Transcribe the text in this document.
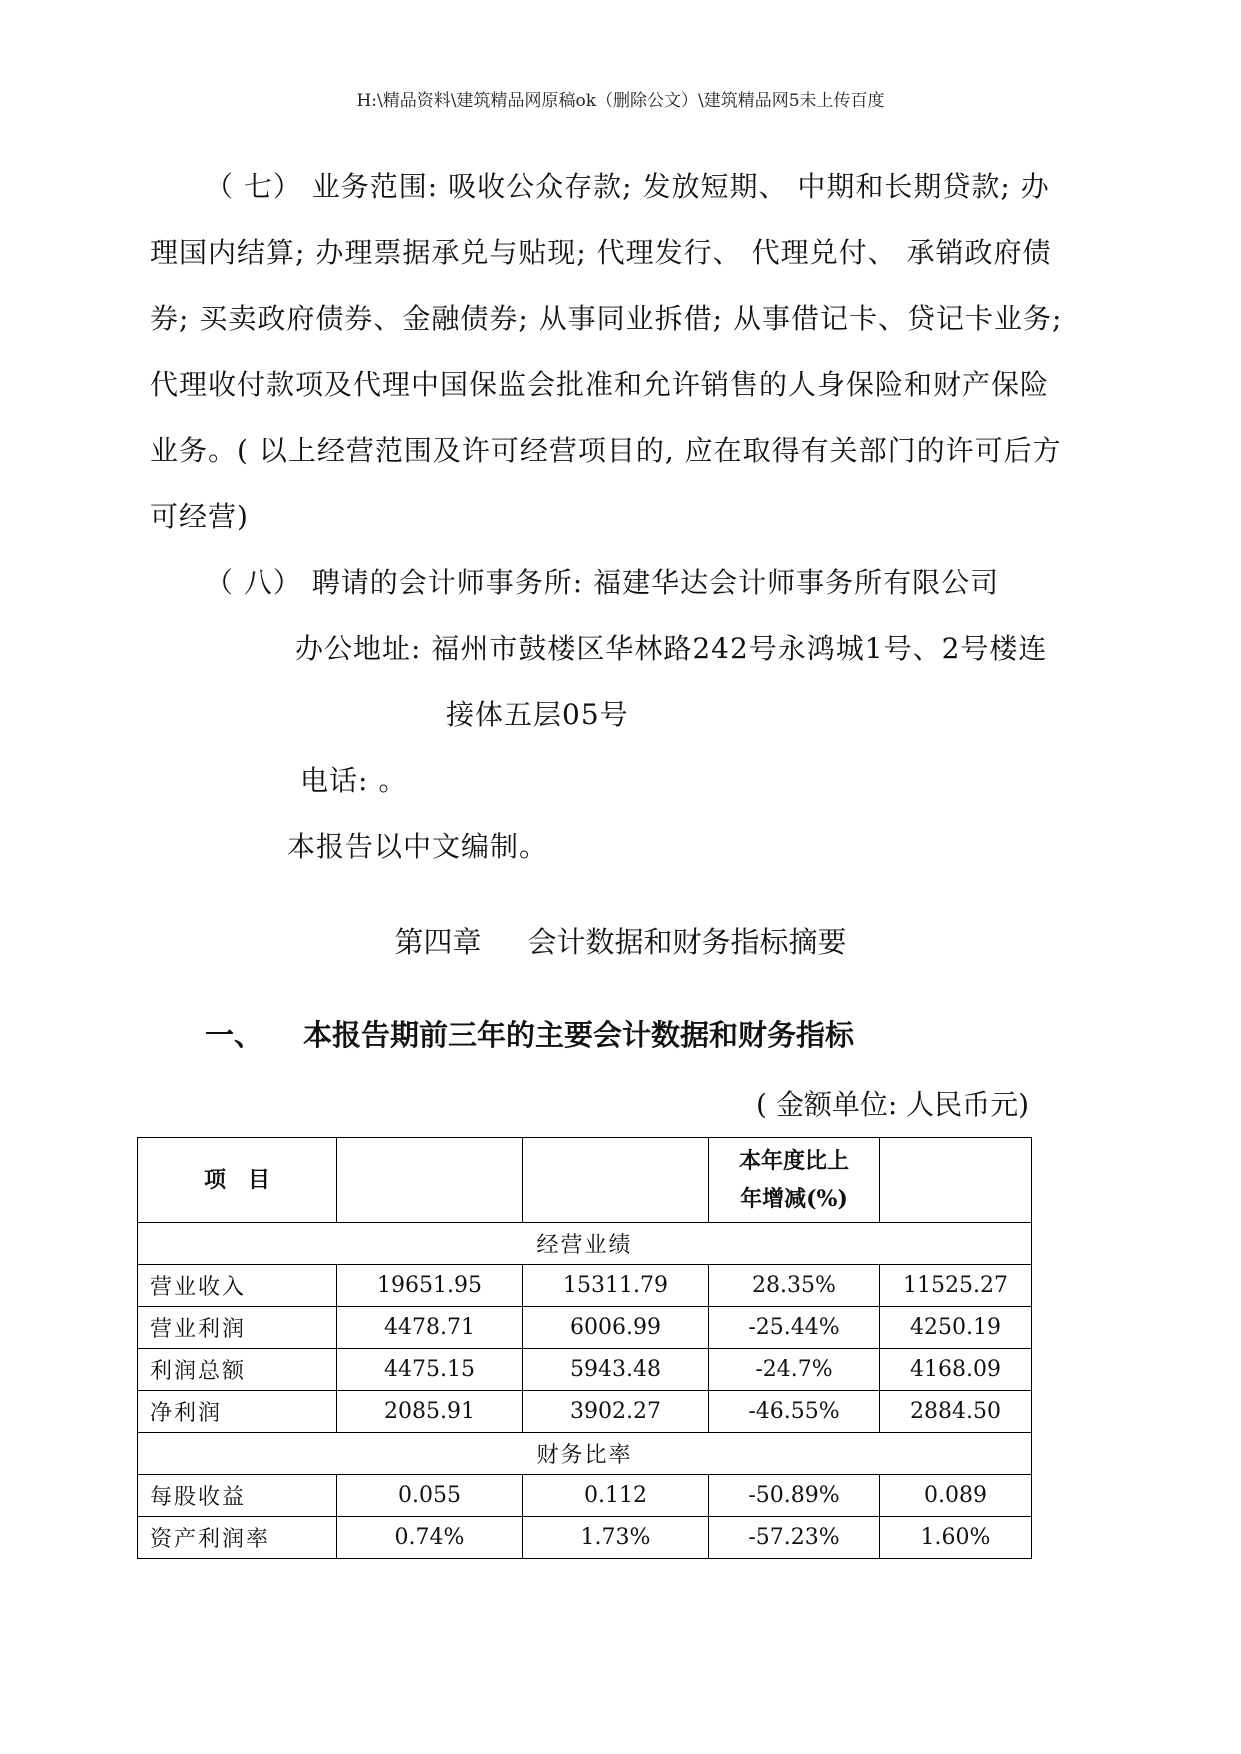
H:\精品资料\建筑精品网原稿ok（删除公文）\建筑精品网5未上传百度
（ 七） 业务范围: 吸收公众存款; 发放短期、 中期和长期贷款; 办
理国内结算; 办理票据承兑与贴现; 代理发行、 代理兑付、 承销政府债
券; 买卖政府债券、金融债券; 从事同业拆借; 从事借记卡、贷记卡业务;
代理收付款项及代理中国保监会批准和允许销售的人身保险和财产保险
业务。( 以上经营范围及许可经营项目的, 应在取得有关部门的许可后方
可经营)
（ 八） 聘请的会计师事务所: 福建华达会计师事务所有限公司
办公地址: 福州市鼓楼区华林路242号永鸿城1号、2号楼连
接体五层05号
电话: 。
本报告以中文编制。
第四章 会计数据和财务指标摘要
一、 本报告期前三年的主要会计数据和财务指标
( 金额单位: 人民币元)
项　目			本年度比上
年增减(%)	

经营业绩				
营业收入	19651.95	15311.79	28.35%	11525.27
营业利润	4478.71	6006.99	-25.44%	4250.19
利润总额	4475.15	5943.48	-24.7%	4168.09
净利润	2085.91	3902.27	-46.55%	2884.50
财务比率				
每股收益	0.055	0.112	-50.89%	0.089
资产利润率	0.74%	1.73%	-57.23%	1.60%
